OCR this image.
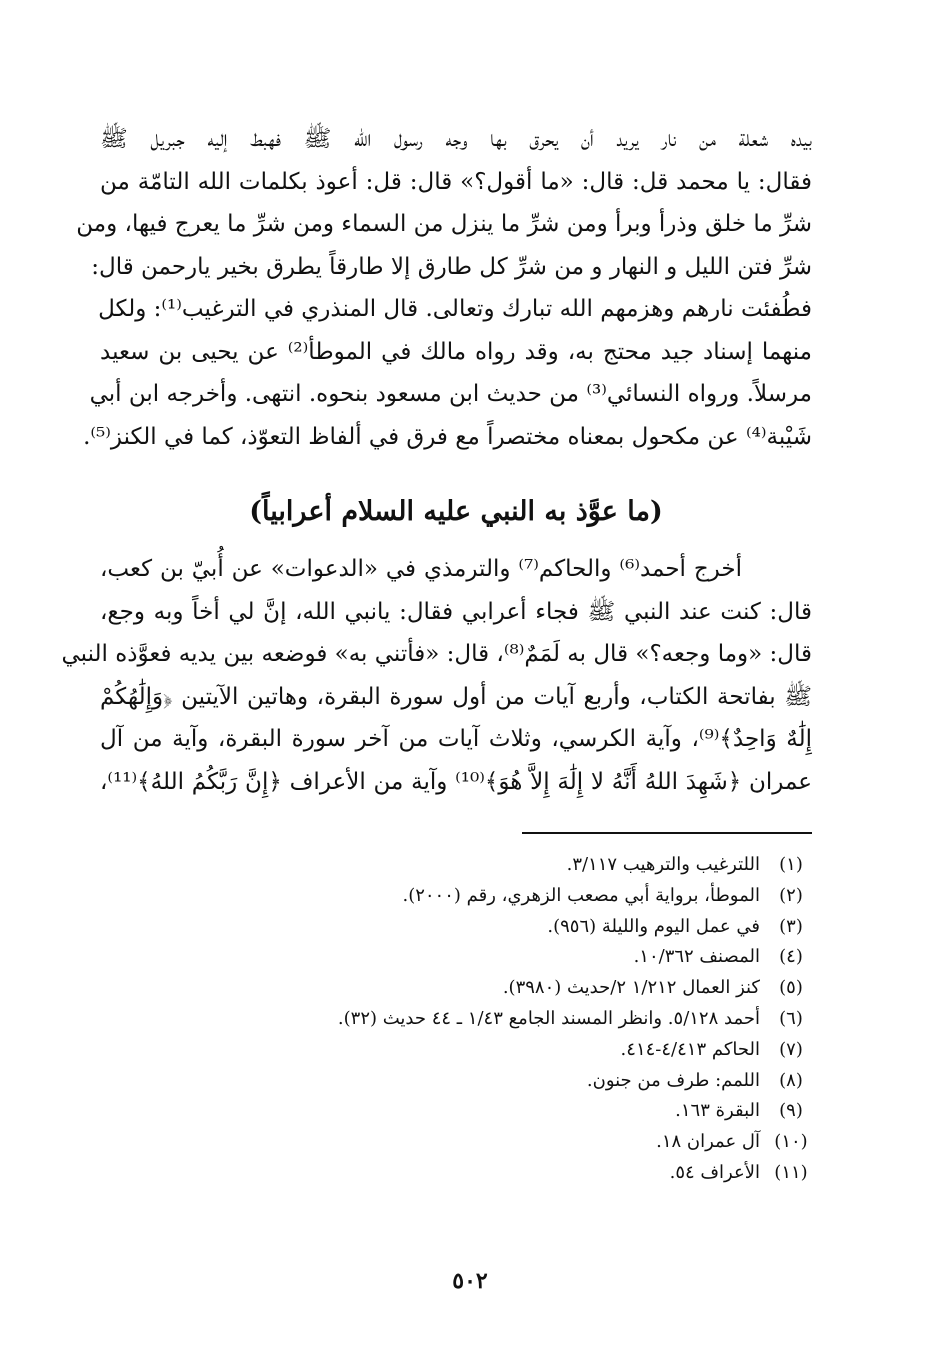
بيده شعلة من نار يريد أن يحرق بها وجه رسول الله ﷺ فهبط إليه جبريل ﷺ
فقال: يا محمد قل: قال: «ما أقول؟» قال: قل: أعوذ بكلمات الله التامّة من
شرِّ ما خلق وذرأ وبرأ ومن شرِّ ما ينزل من السماء ومن شرِّ ما يعرج فيها، ومن
شرِّ فتن الليل و النهار و من شرِّ كل طارق إلا طارقاً يطرق بخير يارحمن قال:
فطُفئت نارهم وهزمهم الله تبارك وتعالى. قال المنذري في الترغيب⁽¹⁾: ولكل
منهما إسناد جيد محتج به، وقد رواه مالك في الموطأ⁽²⁾ عن يحيى بن سعيد
مرسلاً. ورواه النسائي⁽³⁾ من حديث ابن مسعود بنحوه. انتهى. وأخرجه ابن أبي
شَيْبة⁽⁴⁾ عن مكحول بمعناه مختصراً مع فرق في ألفاظ التعوّذ، كما في الكنز⁽⁵⁾.
(ما عوَّذ به النبي عليه السلام أعرابياً)
أخرج أحمد⁽⁶⁾ والحاكم⁽⁷⁾ والترمذي في «الدعوات» عن أُبيّ بن كعب،
قال: كنت عند النبي ﷺ فجاء أعرابي فقال: يانبي الله، إنَّ لي أخاً وبه وجع،
قال: «وما وجعه؟» قال به لَمَمٌ⁽⁸⁾، قال: «فأتني به» فوضعه بين يديه فعوَّذه النبي
ﷺ بفاتحة الكتاب، وأربع آيات من أول سورة البقرة، وهاتين الآيتين ﴿وَإِلَٰهُكُمْ
إِلَٰهٌ وَاحِدٌ﴾⁽⁹⁾، وآية الكرسي، وثلاث آيات من آخر سورة البقرة، وآية من آل
عمران ﴿شَهِدَ اللهُ أَنَّهُ لا إِلَٰهَ إِلاَّ هُوَ﴾⁽¹⁰⁾ وآية من الأعراف ﴿إِنَّ رَبَّكُمُ اللهُ﴾⁽¹¹⁾،
(١)
اللترغيب والترهيب ٣/١١٧.
(٢)
الموطأ، برواية أبي مصعب الزهري، رقم (٢٠٠٠).
(٣)
في عمل اليوم والليلة (٩٥٦).
(٤)
المصنف ١٠/٣٦٢.
(٥)
كنز العمال ١/٢١٢ ٢/حديث (٣٩٨٠).
(٦)
أحمد ٥/١٢٨. وانظر المسند الجامع ١/٤٣ ـ ٤٤ حديث (٣٢).
(٧)
الحاكم ٤/٤١٣-٤١٤.
(٨)
اللمم: طرف من جنون.
(٩)
البقرة ١٦٣.
(١٠)
آل عمران ١٨.
(١١)
الأعراف ٥٤.
٥٠٢
